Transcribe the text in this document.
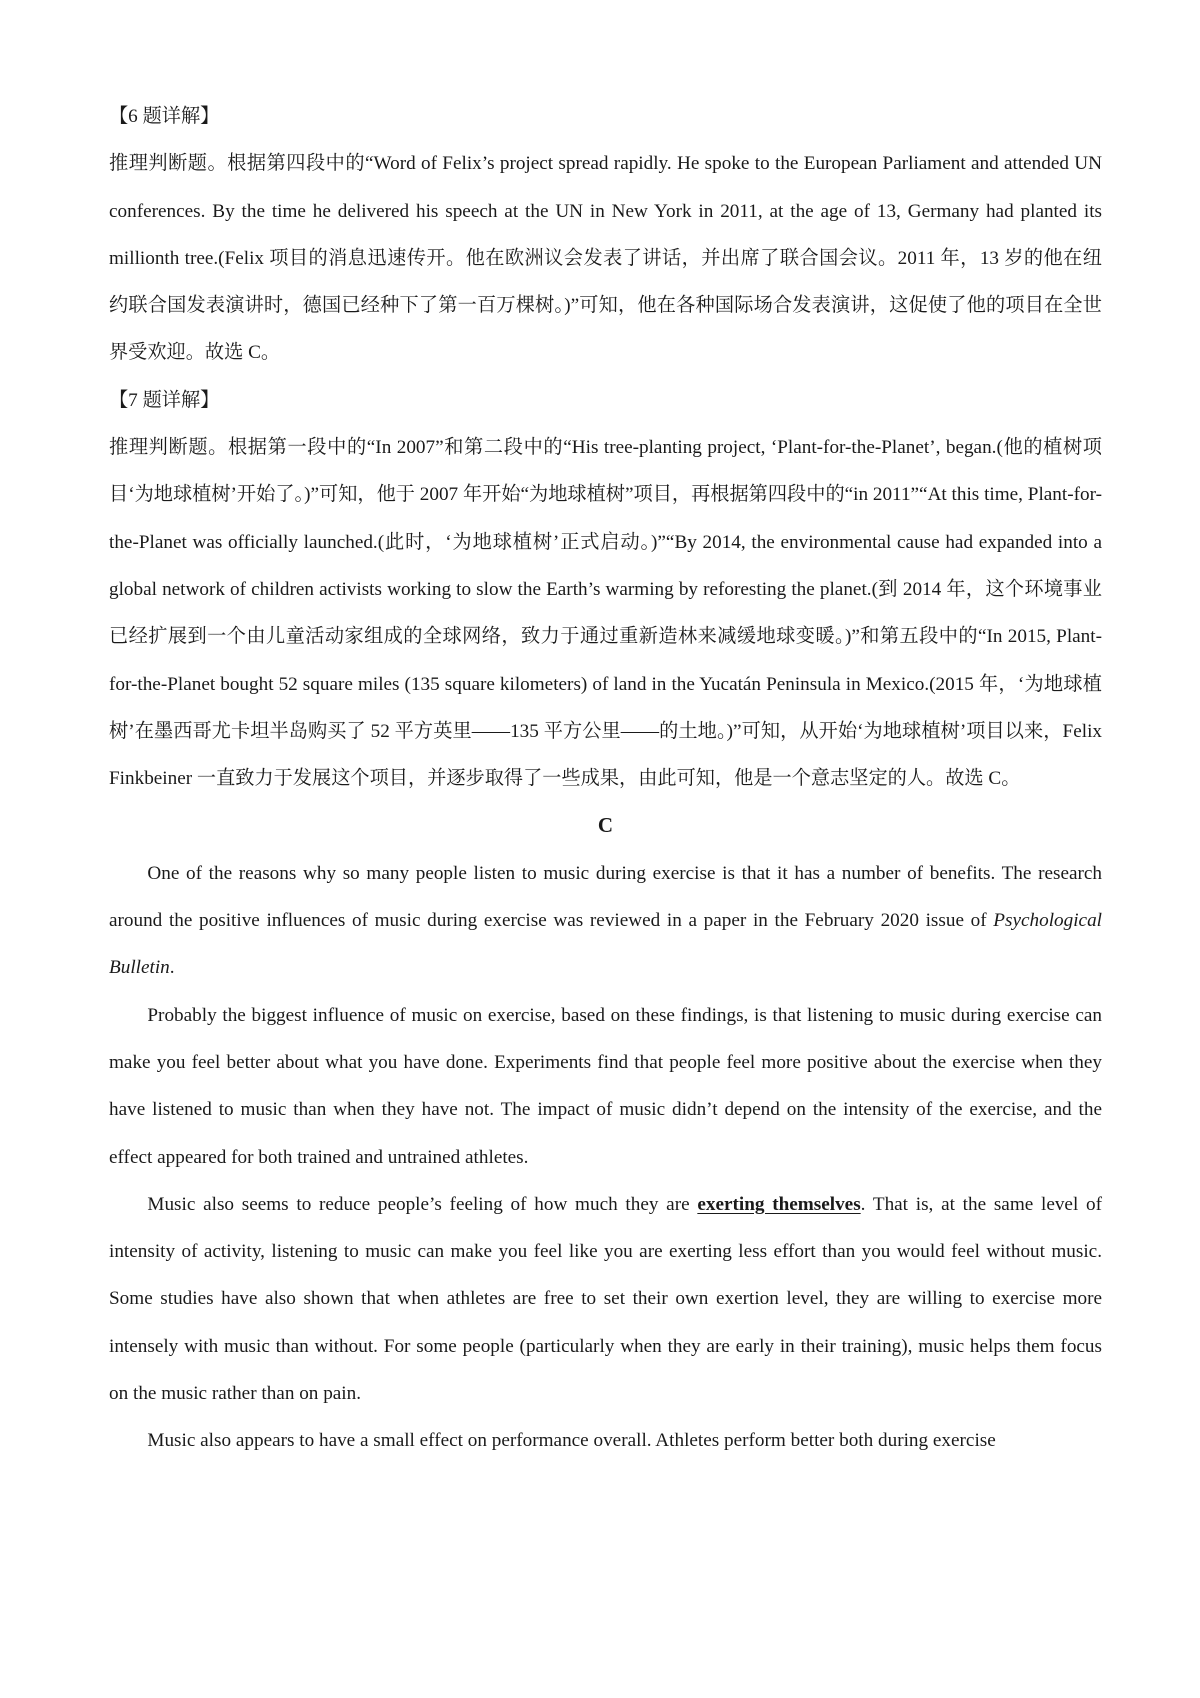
【6 题详解】

推理判断题。根据第四段中的“Word of Felix’s project spread rapidly. He spoke to the European Parliament and attended UN conferences. By the time he delivered his speech at the UN in New York in 2011, at the age of 13, Germany had planted its millionth tree.(Felix 项目的消息迅速传开。他在欧洲议会发表了讲话，并出席了联合国会议。2011 年，13 岁的他在纽约联合国发表演讲时，德国已经种下了第一百万棵树。)”可知，他在各种国际场合发表演讲，这促使了他的项目在全世界受欢迎。故选 C。

【7 题详解】

推理判断题。根据第一段中的“In 2007”和第二段中的“His tree-planting project, ‘Plant-for-the-Planet’, began.(他的植树项目‘为地球植树’开始了。)”可知，他于 2007 年开始“为地球植树”项目，再根据第四段中的“in 2011”“At this time, Plant-for-the-Planet was officially launched.(此时，‘为地球植树’正式启动。)”“By 2014, the environmental cause had expanded into a global network of children activists working to slow the Earth’s warming by reforesting the planet.(到 2014 年，这个环境事业已经扩展到一个由儿童活动家组成的全球网络，致力于通过重新造林来减缓地球变暖。)”和第五段中的“In 2015, Plant-for-the-Planet bought 52 square miles (135 square kilometers) of land in the Yucatán Peninsula in Mexico.(2015 年，‘为地球植树’在墨西哥尤卡坦半岛购买了 52 平方英里——135 平方公里——的土地。)”可知，从开始‘为地球植树’项目以来，Felix Finkbeiner 一直致力于发展这个项目，并逐步取得了一些成果，由此可知，他是一个意志坚定的人。故选 C。

C

One of the reasons why so many people listen to music during exercise is that it has a number of benefits. The research around the positive influences of music during exercise was reviewed in a paper in the February 2020 issue of Psychological Bulletin.

Probably the biggest influence of music on exercise, based on these findings, is that listening to music during exercise can make you feel better about what you have done. Experiments find that people feel more positive about the exercise when they have listened to music than when they have not. The impact of music didn’t depend on the intensity of the exercise, and the effect appeared for both trained and untrained athletes.

Music also seems to reduce people’s feeling of how much they are exerting themselves. That is, at the same level of intensity of activity, listening to music can make you feel like you are exerting less effort than you would feel without music. Some studies have also shown that when athletes are free to set their own exertion level, they are willing to exercise more intensely with music than without. For some people (particularly when they are early in their training), music helps them focus on the music rather than on pain.

Music also appears to have a small effect on performance overall. Athletes perform better both during exercise
